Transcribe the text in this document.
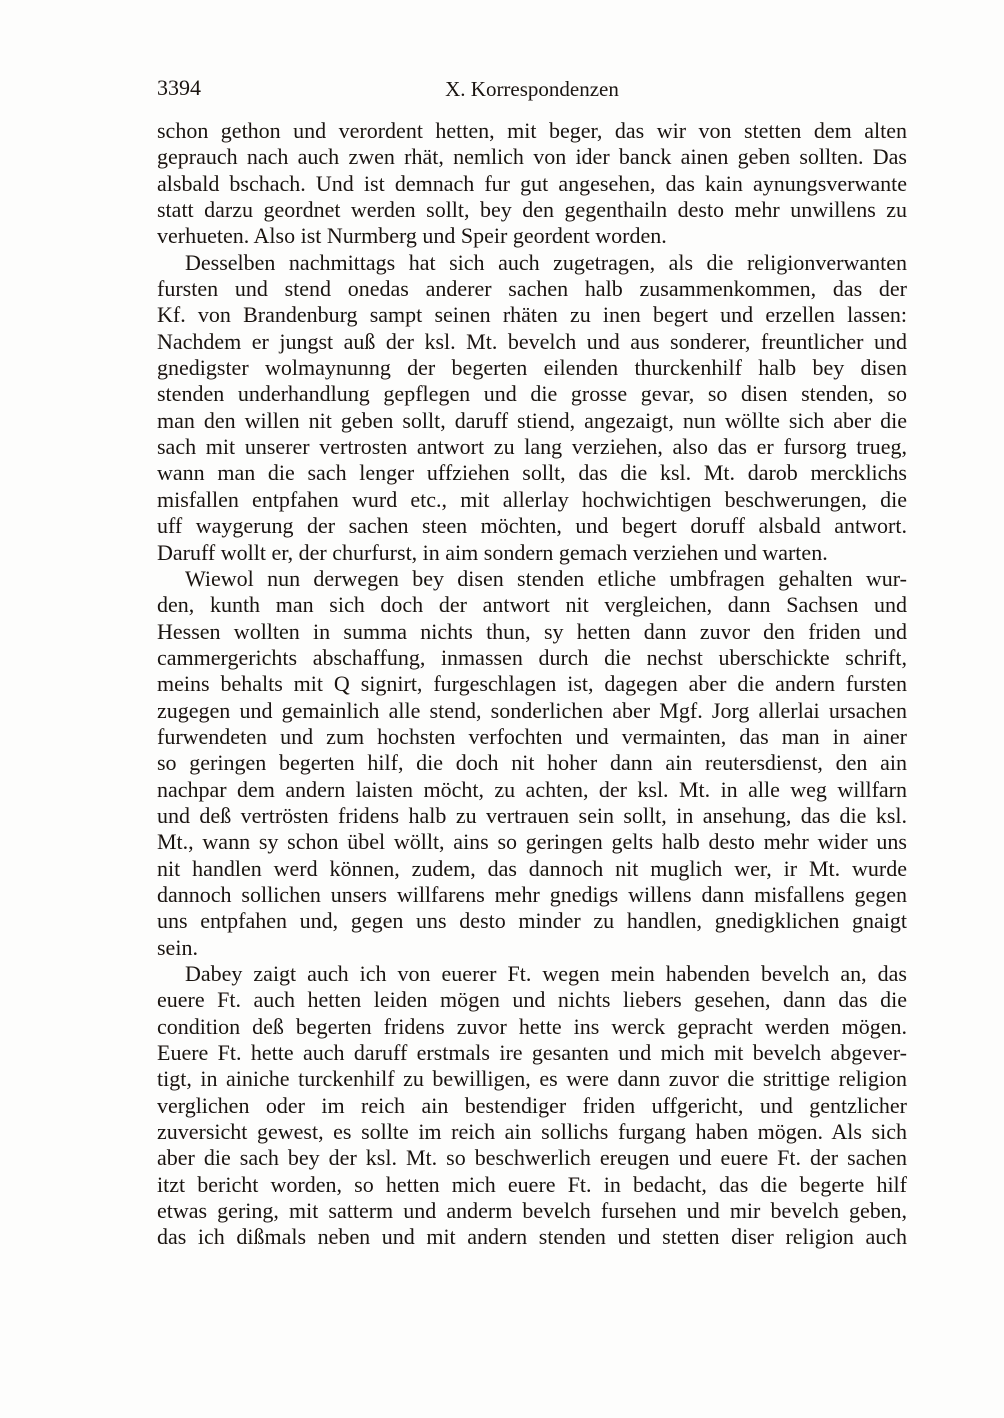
3394	X. Korrespondenzen

schon gethon und verordent hetten, mit beger, das wir von stetten dem alten
geprauch nach auch zwen rhät, nemlich von ider banck ainen geben sollten. Das
alsbald bschach. Und ist demnach fur gut angesehen, das kain aynungsverwante
statt darzu geordnet werden sollt, bey den gegenthailn desto mehr unwillens zu
verhueten. Also ist Nurmberg und Speir geordent worden.

Desselben nachmittags hat sich auch zugetragen, als die religionverwanten
fursten und stend onedas anderer sachen halb zusammenkommen, das der
Kf. von Brandenburg sampt seinen rhäten zu inen begert und erzellen lassen:
Nachdem er jungst auß der ksl. Mt. bevelch und aus sonderer, freuntlicher und
gnedigster wolmaynunng der begerten eilenden thurckenhilf halb bey disen
stenden underhandlung gepflegen und die grosse gevar, so disen stenden, so
man den willen nit geben sollt, daruff stiend, angezaigt, nun wöllte sich aber die
sach mit unserer vertrosten antwort zu lang verziehen, also das er fursorg trueg,
wann man die sach lenger uffziehen sollt, das die ksl. Mt. darob mercklichs
misfallen entpfahen wurd etc., mit allerlay hochwichtigen beschwerungen, die
uff waygerung der sachen steen möchten, und begert doruff alsbald antwort.
Daruff wollt er, der churfurst, in aim sondern gemach verziehen und warten.

Wiewol nun derwegen bey disen stenden etliche umbfragen gehalten wur-
den, kunth man sich doch der antwort nit vergleichen, dann Sachsen und
Hessen wollten in summa nichts thun, sy hetten dann zuvor den friden und
cammergerichts abschaffung, inmassen durch die nechst uberschickte schrift,
meins behalts mit Q signirt, furgeschlagen ist, dagegen aber die andern fursten
zugegen und gemainlich alle stend, sonderlichen aber Mgf. Jorg allerlai ursachen
furwendeten und zum hochsten verfochten und vermainten, das man in ainer
so geringen begerten hilf, die doch nit hoher dann ain reutersdienst, den ain
nachpar dem andern laisten möcht, zu achten, der ksl. Mt. in alle weg willfarn
und deß vertrösten fridens halb zu vertrauen sein sollt, in ansehung, das die ksl.
Mt., wann sy schon übel wöllt, ains so geringen gelts halb desto mehr wider uns
nit handlen werd können, zudem, das dannoch nit muglich wer, ir Mt. wurde
dannoch sollichen unsers willfarens mehr gnedigs willens dann misfallens gegen
uns entpfahen und, gegen uns desto minder zu handlen, gnedigklichen gnaigt
sein.

Dabey zaigt auch ich von euerer Ft. wegen mein habenden bevelch an, das
euere Ft. auch hetten leiden mögen und nichts liebers gesehen, dann das die
condition deß begerten fridens zuvor hette ins werck gepracht werden mögen.
Euere Ft. hette auch daruff erstmals ire gesanten und mich mit bevelch abgever-
tigt, in ainiche turckenhilf zu bewilligen, es were dann zuvor die strittige religion
verglichen oder im reich ain bestendiger friden uffgericht, und gentzlicher
zuversicht gewest, es sollte im reich ain sollichs furgang haben mögen. Als sich
aber die sach bey der ksl. Mt. so beschwerlich ereugen und euere Ft. der sachen
itzt bericht worden, so hetten mich euere Ft. in bedacht, das die begerte hilf
etwas gering, mit satterm und anderm bevelch fursehen und mir bevelch geben,
das ich dißmals neben und mit andern stenden und stetten diser religion auch
